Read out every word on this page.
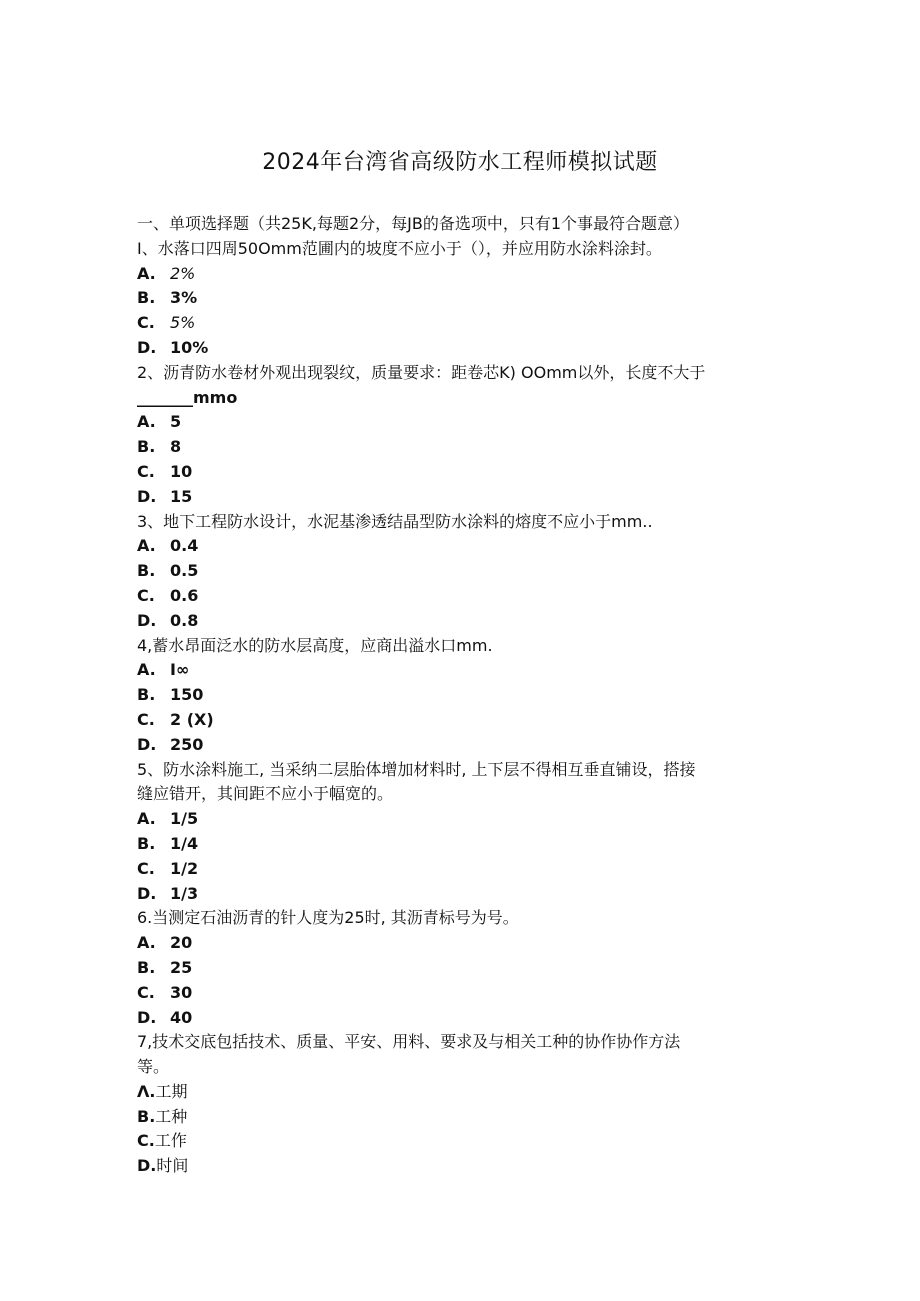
2024年台湾省高级防水工程师模拟试题
一、单项选择题（共25K,每题2分，每JB的备选项中，只有1个事最符合题意）
I、水落口四周50Omm范圃内的坡度不应小于（），并应用防水涂料涂封。
A. 2%
B. 3%
C. 5%
D. 10%
2、沥青防水卷材外观出现裂纹，质量要求：距卷芯K) OOmm以外，长度不大于
_______mmo
A. 5
B. 8
C. 10
D. 15
3、地下工程防水设计，水泥基渗透结晶型防水涂料的熔度不应小于mm..
A. 0.4
B. 0.5
C. 0.6
D. 0.8
4,蓄水昂面泛水的防水层高度，应商出溢水口mm.
A. I∞
B. 150
C. 2 (X)
D. 250
5、防水涂料施工, 当采纳二层胎体增加材料时, 上下层不得相互垂直铺设，搭接
缝应错开，其间距不应小于幅宽的。
A. 1/5
B. 1/4
C. 1/2
D. 1/3
6.当测定石油沥青的针人度为25时, 其沥青标号为号。
A. 20
B. 25
C. 30
D. 40
7,技术交底包括技术、质量、平安、用料、要求及与相关工种的协作协作方法
等。
Λ.工期
B.工种
C.工作
D.时间
